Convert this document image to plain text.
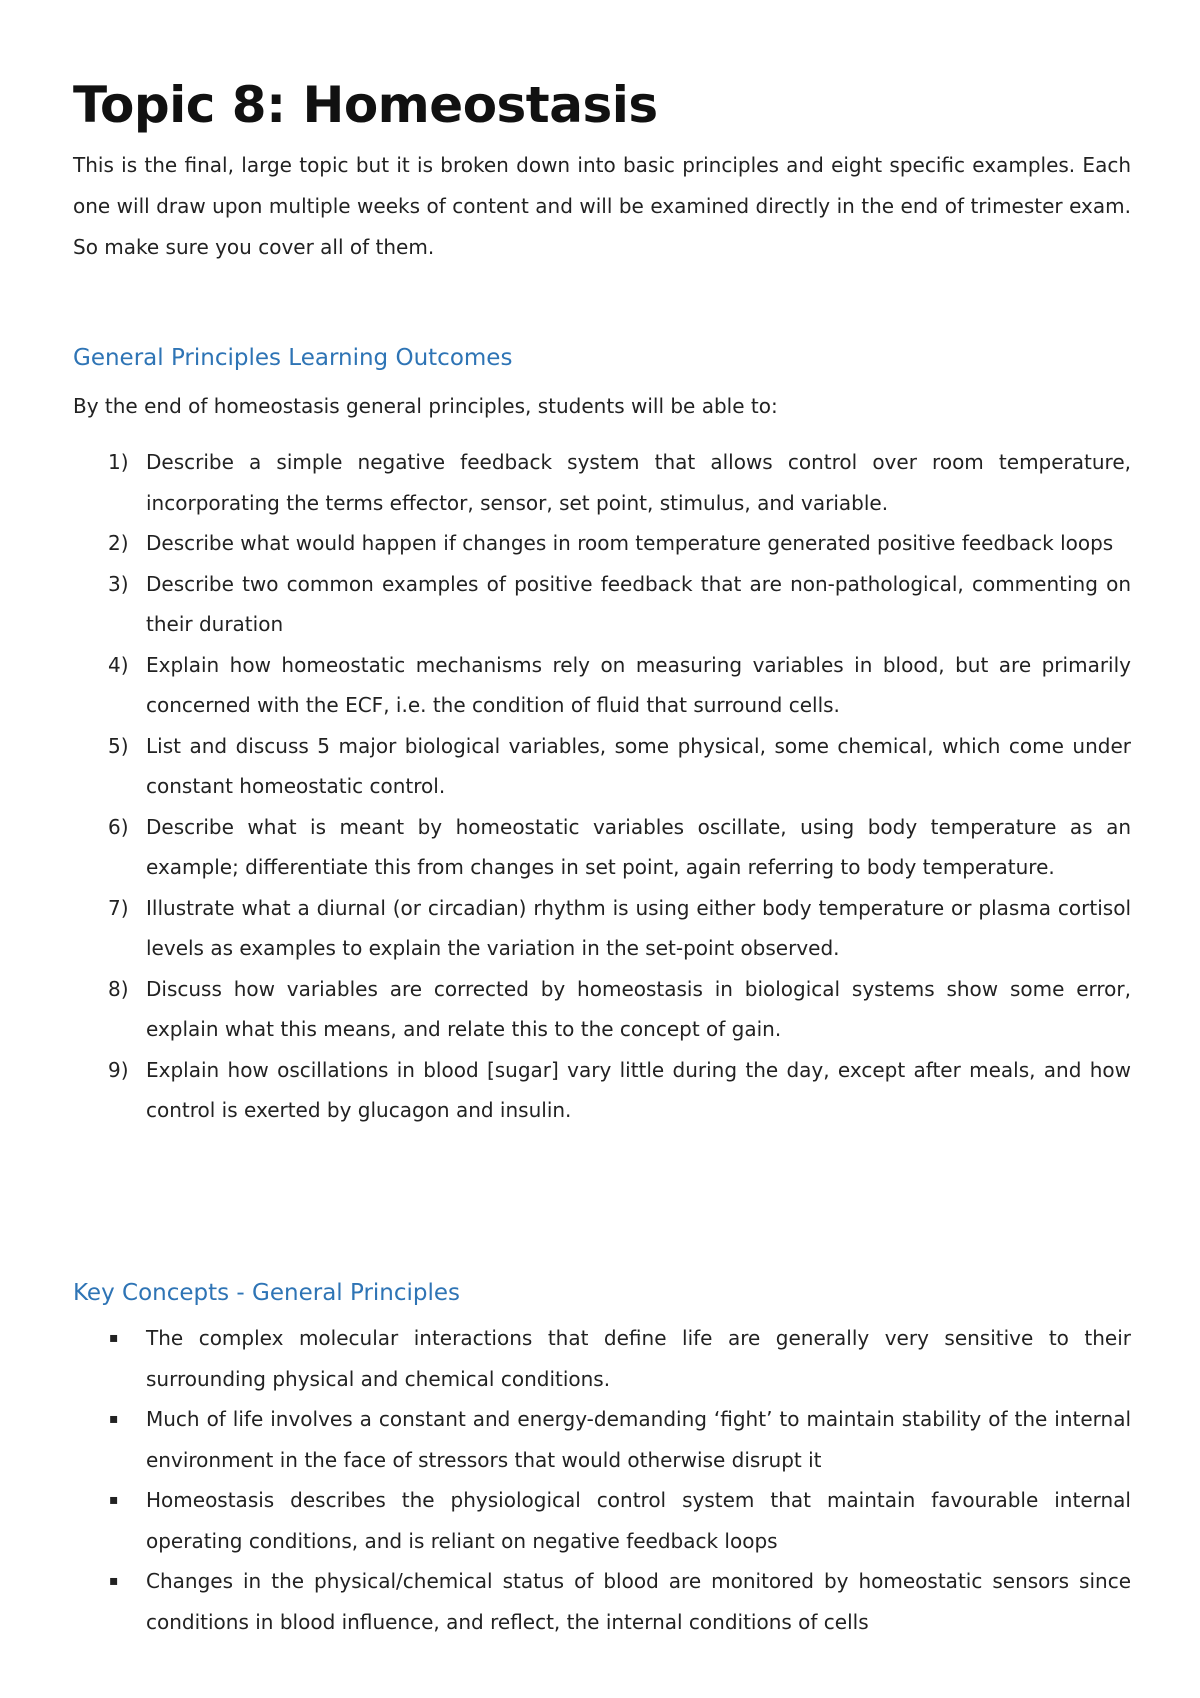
Topic 8: Homeostasis

This is the final, large topic but it is broken down into basic principles and eight specific examples. Each one will draw upon multiple weeks of content and will be examined directly in the end of trimester exam. So make sure you cover all of them.

General Principles Learning Outcomes

By the end of homeostasis general principles, students will be able to:

1) Describe a simple negative feedback system that allows control over room temperature, incorporating the terms effector, sensor, set point, stimulus, and variable.
2) Describe what would happen if changes in room temperature generated positive feedback loops
3) Describe two common examples of positive feedback that are non-pathological, commenting on their duration
4) Explain how homeostatic mechanisms rely on measuring variables in blood, but are primarily concerned with the ECF, i.e. the condition of fluid that surround cells.
5) List and discuss 5 major biological variables, some physical, some chemical, which come under constant homeostatic control.
6) Describe what is meant by homeostatic variables oscillate, using body temperature as an example; differentiate this from changes in set point, again referring to body temperature.
7) Illustrate what a diurnal (or circadian) rhythm is using either body temperature or plasma cortisol levels as examples to explain the variation in the set-point observed.
8) Discuss how variables are corrected by homeostasis in biological systems show some error, explain what this means, and relate this to the concept of gain.
9) Explain how oscillations in blood [sugar] vary little during the day, except after meals, and how control is exerted by glucagon and insulin.
Key Concepts - General Principles
▪ The complex molecular interactions that define life are generally very sensitive to their surrounding physical and chemical conditions.
▪ Much of life involves a constant and energy-demanding ‘fight’ to maintain stability of the internal environment in the face of stressors that would otherwise disrupt it
▪ Homeostasis describes the physiological control system that maintain favourable internal operating conditions, and is reliant on negative feedback loops
▪ Changes in the physical/chemical status of blood are monitored by homeostatic sensors since conditions in blood influence, and reflect, the internal conditions of cells
